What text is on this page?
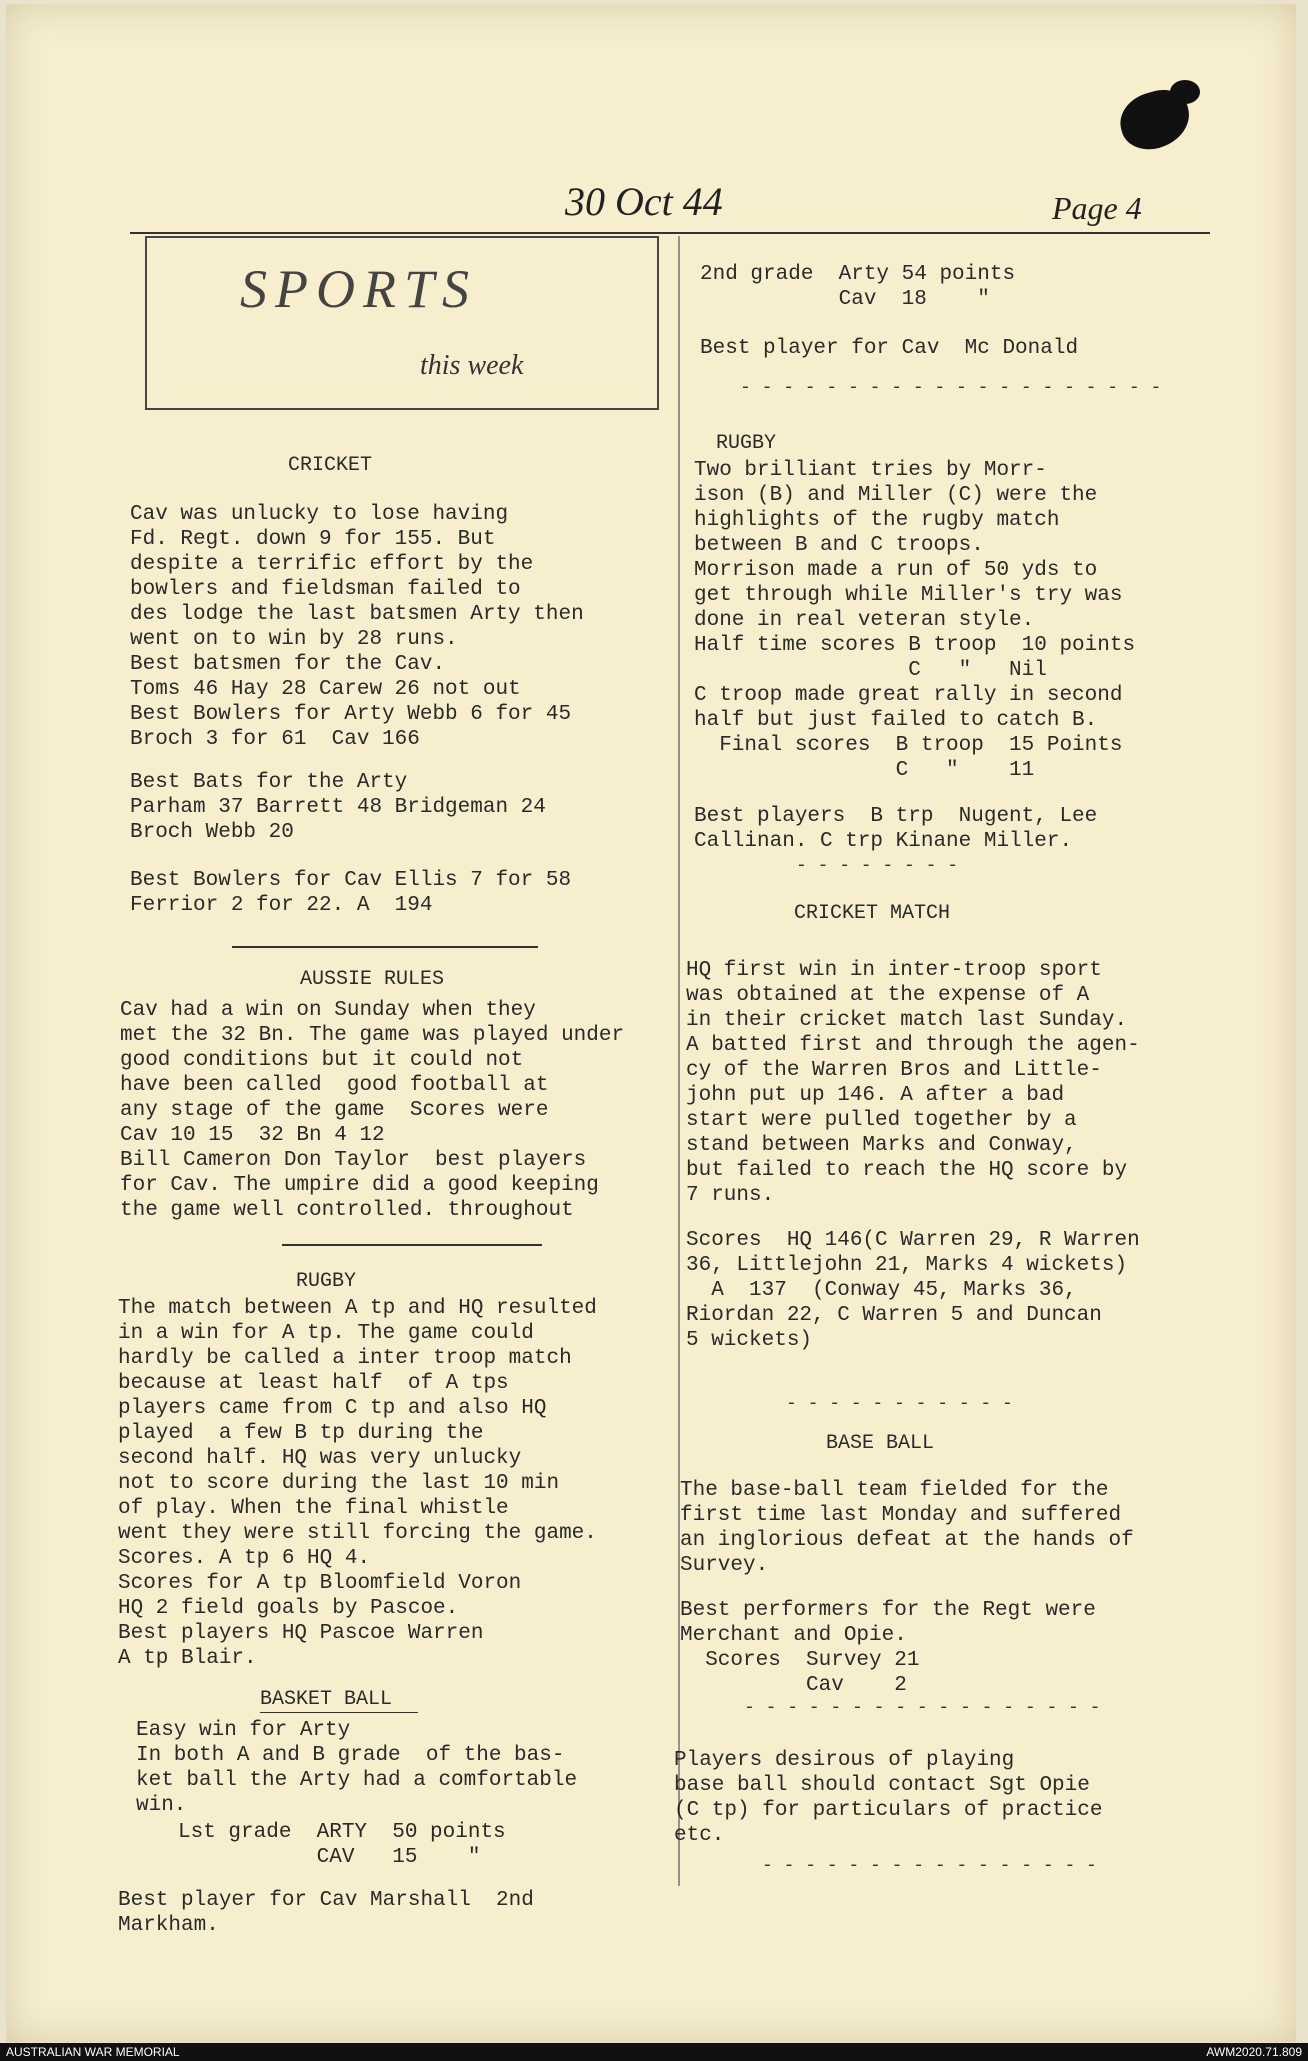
30 Oct 44	Page 4
SPORTS
this week
CRICKET
Cav was unlucky to lose having
Fd. Regt. down 9 for 155. But
despite a terrific effort by the
bowlers and fieldsman failed to
des lodge the last batsmen Arty then
went on to win by 28 runs.
Best batsmen for the Cav.
Toms 46 Hay 28 Carew 26 not out
Best Bowlers for Arty Webb 6 for 45
Broch 3 for 61  Cav 166
Best Bats for the Arty
Parham 37 Barrett 48 Bridgeman 24
Broch Webb 20
Best Bowlers for Cav Ellis 7 for 58
Ferrior 2 for 22. A  194
AUSSIE RULES
Cav had a win on Sunday when they
met the 32 Bn. The game was played under
good conditions but it could not
have been called  good football at
any stage of the game  Scores were
Cav 10 15  32 Bn 4 12
Bill Cameron Don Taylor  best players
for Cav. The umpire did a good keeping
the game well controlled. throughout
RUGBY
The match between A tp and HQ resulted
in a win for A tp. The game could
hardly be called a inter troop match
because at least half  of A tps
players came from C tp and also HQ
played  a few B tp during the
second half. HQ was very unlucky
not to score during the last 10 min
of play. When the final whistle
went they were still forcing the game.
Scores. A tp 6 HQ 4.
Scores for A tp Bloomfield Voron
HQ 2 field goals by Pascoe.
Best players HQ Pascoe Warren
A tp Blair.
BASKET BALL
Easy win for Arty
In both A and B grade  of the bas-
ket ball the Arty had a comfortable
win.
Lst grade  ARTY  50 points
CAV   15    "
Best player for Cav Marshall  2nd
Markham.
2nd grade  Arty 54 points
Cav  18    "
Best player for Cav  Mc Donald
- - - - - - - - - - - - - - - - - - - -
RUGBY
Two brilliant tries by Morr-
ison (B) and Miller (C) were the
highlights of the rugby match
between B and C troops.
Morrison made a run of 50 yds to
get through while Miller's try was
done in real veteran style.
Half time scores B troop  10 points
C   "   Nil
C troop made great rally in second
half but just failed to catch B.
Final scores  B troop  15 Points
C   "    11
Best players  B trp  Nugent, Lee
Callinan. C trp Kinane Miller.
- - - - - - - -
CRICKET MATCH
HQ first win in inter-troop sport
was obtained at the expense of A
in their cricket match last Sunday.
A batted first and through the agen-
cy of the Warren Bros and Little-
john put up 146. A after a bad
start were pulled together by a
stand between Marks and Conway,
but failed to reach the HQ score by
7 runs.
Scores  HQ 146(C Warren 29, R Warren
36, Littlejohn 21, Marks 4 wickets)
A  137  (Conway 45, Marks 36,
Riordan 22, C Warren 5 and Duncan
5 wickets)
- - - - - - - - - - -
BASE BALL
The base-ball team fielded for the
first time last Monday and suffered
an inglorious defeat at the hands of
Survey.
Best performers for the Regt were
Merchant and Opie.
Scores  Survey 21
Cav    2
- - - - - - - - - - - - - - - - -
Players desirous of playing
base ball should contact Sgt Opie
(C tp) for particulars of practice
etc.
- - - - - - - - - - - - - - - -
AUSTRALIAN WAR MEMORIAL	AWM2020.71.809
